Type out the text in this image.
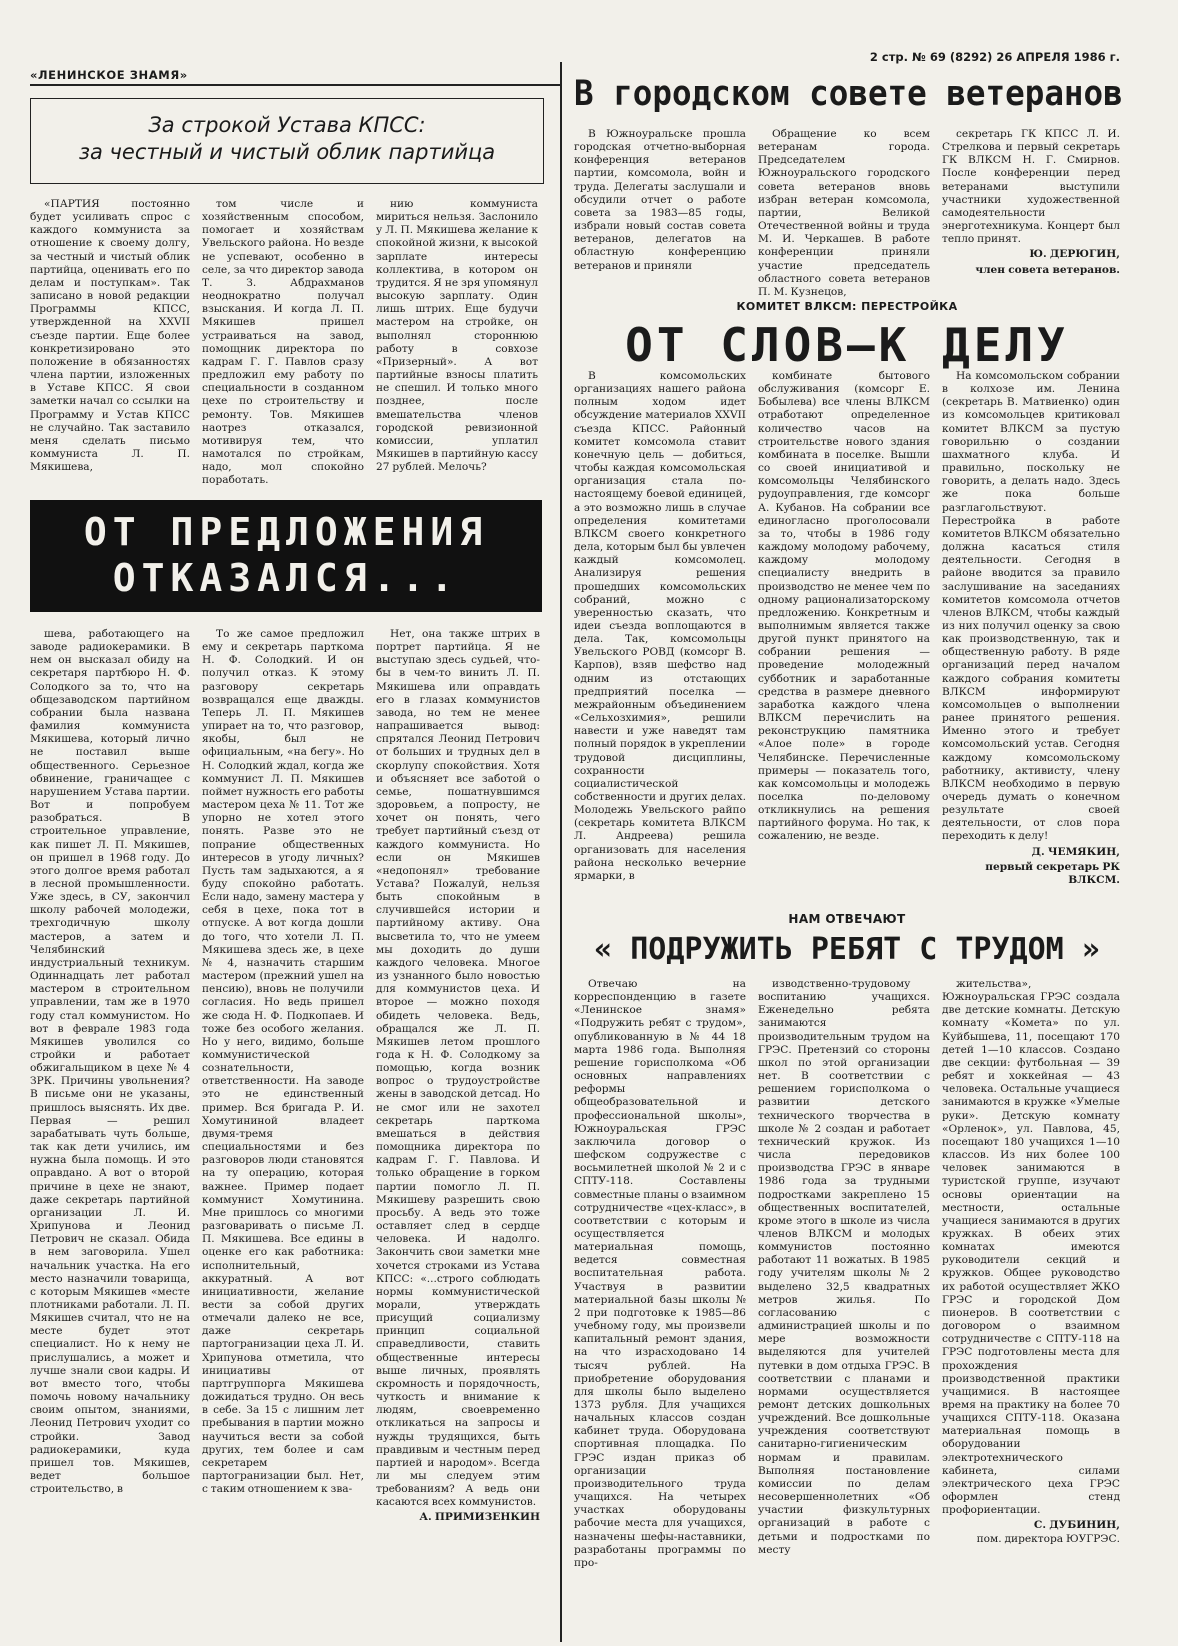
«ЛЕНИНСКОЕ ЗНАМЯ»
2 стр. № 69 (8292) 26 АПРЕЛЯ 1986 г.
За строкой Устава КПСС:
за честный и чистый облик партийца

«ПАРТИЯ постоянно будет усиливать спрос с каждого коммуниста за отношение к своему долгу, за честный и чистый облик партийца, оценивать его по делам и поступкам». Так записано в новой редакции Программы КПСС, утвержденной на XXVII съезде партии. Еще более конкретизировано это положение в обязанностях члена партии, изложенных в Уставе КПСС. Я свои заметки начал со ссылки на Программу и Устав КПСС не случайно. Так заставило меня сделать письмо коммуниста Л. П. Мякишева,

том числе и хозяйственным способом, помогает и хозяйствам Увельского района. Но везде не успевают, особенно в селе, за что директор завода Т. З. Абдрахманов неоднократно получал взыскания. И когда Л. П. Мякишев пришел устраиваться на завод, помощник директора по кадрам Г. Г. Павлов сразу предложил ему работу по специальности в созданном цехе по строительству и ремонту. Тов. Мякишев наотрез отказался, мотивируя тем, что намотался по стройкам, надо, мол спокойно поработать.

нию коммуниста мириться нельзя. Заслонило у Л. П. Мякишева желание к спокойной жизни, к высокой зарплате интересы коллектива, в котором он трудится. Я не зря упомянул высокую зарплату. Один лишь штрих. Еще будучи мастером на стройке, он выполнял стороннюю работу в совхозе «Призерный». А вот партийные взносы платить не спешил. И только много позднее, после вмешательства членов городской ревизионной комиссии, уплатил Мякишев в партийную кассу 27 рублей. Мелочь?

ОТ ПРЕДЛОЖЕНИЯ
ОТКАЗАЛСЯ...

шева, работающего на заводе радиокерамики. В нем он высказал обиду на секретаря партбюро Н. Ф. Солодкого за то, что на общезаводском партийном собрании была названа фамилия коммуниста Мякишева, который лично не поставил выше общественного. Серьезное обвинение, граничащее с нарушением Устава партии. Вот и попробуем разобраться. В строительное управление, как пишет Л. П. Мякишев, он пришел в 1968 году. До этого долгое время работал в лесной промышленности. Уже здесь, в СУ, закончил школу рабочей молодежи, трехгодичную школу мастеров, а затем и Челябинский индустриальный техникум. Одиннадцать лет работал мастером в строительном управлении, там же в 1970 году стал коммунистом. Но вот в феврале 1983 года Мякишев уволился со стройки и работает обжигальщиком в цехе № 4 ЗРК. Причины увольнения? В письме они не указаны, пришлось выяснять. Их две. Первая — решил зарабатывать чуть больше, так как дети учились, им нужна была помощь. И это оправдано. А вот о второй причине в цехе не знают, даже секретарь партийной организации Л. И. Хрипунова и Леонид Петрович не сказал. Обида в нем заговорила. Ушел начальник участка. На его место назначили товарища, с которым Мякишев «месте плотниками работали. Л. П. Мякишев считал, что не на месте будет этот специалист. Но к нему не прислушались, а может и лучше знали свои кадры. И вот вместо того, чтобы помочь новому начальнику своим опытом, знаниями, Леонид Петрович уходит со стройки. Завод радиокерамики, куда пришел тов. Мякишев, ведет большое строительство, в

То же самое предложил ему и секретарь парткома Н. Ф. Солодкий. И он получил отказ. К этому разговору секретарь возвращался еще дважды. Теперь Л. П. Мякишев упирает на то, что разговор, якобы, был не официальным, «на бегу». Но Н. Солодкий ждал, когда же коммунист Л. П. Мякишев поймет нужность его работы мастером цеха № 11. Тот же упорно не хотел этого понять. Разве это не попрание общественных интересов в угоду личных? Пусть там задыхаются, а я буду спокойно работать. Если надо, замену мастера у себя в цехе, пока тот в отпуске. А вот когда дошли до того, что хотели Л. П. Мякишева здесь же, в цехе № 4, назначить старшим мастером (прежний ушел на пенсию), вновь не получили согласия. Но ведь пришел же сюда Н. Ф. Подкопаев. И тоже без особого желания. Но у него, видимо, больше коммунистической сознательности, ответственности. На заводе это не единственный пример. Вся бригада Р. И. Хомутининой владеет двумя-тремя специальностями и без разговоров люди становятся на ту операцию, которая важнее. Пример подает коммунист Хомутинина. Мне пришлось со многими разговаривать о письме Л. П. Мякишева. Все едины в оценке его как работника: исполнительный, аккуратный. А вот инициативности, желание вести за собой других отмечали далеко не все, даже секретарь партогранизации цеха Л. И. Хрипунова отметила, что инициативы от партгруппорга Мякишева дожидаться трудно. Он весь в себе. За 15 с лишним лет пребывания в партии можно научиться вести за собой других, тем более и сам секретарем партогранизации был. Нет, с таким отношением к зва-

Нет, она также штрих в портрет партийца. Я не выступаю здесь судьей, что-бы в чем-то винить Л. П. Мякишева или оправдать его в глазах коммунистов завода, но тем не менее напрашивается вывод: спрятался Леонид Петрович от больших и трудных дел в скорлупу спокойствия. Хотя и объясняет все заботой о семье, пошатнувшимся здоровьем, а попросту, не хочет он понять, чего требует партийный съезд от каждого коммуниста. Но если он Мякишев «недопонял» требование Устава? Пожалуй, нельзя быть спокойным в случившейся истории и партийному активу. Она высветила то, что не умеем мы доходить до души каждого человека. Многое из узнанного было новостью для коммунистов цеха. И второе — можно походя обидеть человека. Ведь, обращался же Л. П. Мякишев летом прошлого года к Н. Ф. Солодкому за помощью, когда возник вопрос о трудоустройстве жены в заводской детсад. Но не смог или не захотел секретарь парткома вмешаться в действия помощника директора по кадрам Г. Г. Павлова. И только обращение в горком партии помогло Л. П. Мякишеву разрешить свою просьбу. А ведь это тоже оставляет след в сердце человека. И надолго. Закончить свои заметки мне хочется строками из Устава КПСС: «...строго соблюдать нормы коммунистической морали, утверждать присущий социализму принцип социальной справедливости, ставить общественные интересы выше личных, проявлять скромность и порядочность, чуткость и внимание к людям, своевременно откликаться на запросы и нужды трудящихся, быть правдивым и честным перед партией и народом». Всегда ли мы следуем этим требованиям? А ведь они касаются всех коммунистов.

А. ПРИМИЗЕНКИН
В городском совете ветеранов

В Южноуральске прошла городская отчетно-выборная конференция ветеранов партии, комсомола, войн и труда. Делегаты заслушали и обсудили отчет о работе совета за 1983—85 годы, избрали новый состав совета ветеранов, делегатов на областную конференцию ветеранов и приняли

Обращение ко всем ветеранам города. Председателем Южноуральского городского совета ветеранов вновь избран ветеран комсомола, партии, Великой Отечественной войны и труда М. И. Черкашев. В работе конференции приняли участие председатель областного совета ветеранов П. М. Кузнецов,

секретарь ГК КПСС Л. И. Стрелкова и первый секретарь ГК ВЛКСМ Н. Г. Смирнов. После конференции перед ветеранами выступили участники художественной самодеятельности энерготехникума. Концерт был тепло принят.

Ю. ДЕРЮГИН,
член совета ветеранов.
КОМИТЕТ ВЛКСМ: ПЕРЕСТРОЙКА
ОТ СЛОВ—К ДЕЛУ

В комсомольских организациях нашего района полным ходом идет обсуждение материалов XXVII съезда КПСС. Районный комитет комсомола ставит конечную цель — добиться, чтобы каждая комсомольская организация стала по-настоящему боевой единицей, а это возможно лишь в случае определения комитетами ВЛКСМ своего конкретного дела, которым был бы увлечен каждый комсомолец. Анализируя решения прошедших комсомольских собраний, можно с уверенностью сказать, что идеи съезда воплощаются в дела. Так, комсомольцы Увельского РОВД (комсорг В. Карпов), взяв шефство над одним из отстающих предприятий поселка — межрайонным объединением «Сельхозхимия», решили навести и уже наведят там полный порядок в укреплении трудовой дисциплины, сохранности социалистической собственности и других делах. Молодежь Увельского райпо (секретарь комитета ВЛКСМ Л. Андреева) решила организовать для населения района несколько вечерние ярмарки, в

комбинате бытового обслуживания (комсорг Е. Бобылева) все члены ВЛКСМ отработают определенное количество часов на строительстве нового здания комбината в поселке. Вышли со своей инициативой и комсомольцы Челябинского рудоуправления, где комсорг А. Кубанов. На собрании все единогласно проголосовали за то, чтобы в 1986 году каждому молодому рабочему, каждому молодому специалисту внедрить в производство не менее чем по одному рационализаторскому предложению. Конкретным и выполнимым является также другой пункт принятого на собрании решения — проведение молодежный субботник и заработанные средства в размере дневного заработка каждого члена ВЛКСМ перечислить на реконструкцию памятника «Алое поле» в городе Челябинске. Перечисленные примеры — показатель того, как комсомольцы и молодежь поселка по-деловому откликнулись на решения партийного форума. Но так, к сожалению, не везде.

На комсомольском собрании в колхозе им. Ленина (секретарь В. Матвиенко) один из комсомольцев критиковал комитет ВЛКСМ за пустую говорильню о создании шахматного клуба. И правильно, поскольку не говорить, а делать надо. Здесь же пока больше разглагольствуют. Перестройка в работе комитетов ВЛКСМ обязательно должна касаться стиля деятельности. Сегодня в районе вводится за правило заслушивание на заседаниях комитетов комсомола отчетов членов ВЛКСМ, чтобы каждый из них получил оценку за свою как производственную, так и общественную работу. В ряде организаций перед началом каждого собрания комитеты ВЛКСМ информируют комсомольцев о выполнении ранее принятого решения. Именно этого и требует комсомольский устав. Сегодня каждому комсомольскому работнику, активисту, члену ВЛКСМ необходимо в первую очередь думать о конечном результате своей деятельности, от слов пора переходить к делу!

Д. ЧЕМЯКИН,
первый секретарь РК ВЛКСМ.
НАМ ОТВЕЧАЮТ
« ПОДРУЖИТЬ РЕБЯТ С ТРУДОМ »

Отвечаю на корреспонденцию в газете «Ленинское знамя» «Подружить ребят с трудом», опубликованную в № 44 18 марта 1986 года. Выполняя решение горисполкома «Об основных направлениях реформы общеобразовательной и профессиональной школы», Южноуральская ГРЭС заключила договор о шефском содружестве с восьмилетней школой № 2 и с СПТУ-118. Составлены совместные планы о взаимном сотрудничестве «цех-класс», в соответствии с которым и осуществляется материальная помощь, ведется совместная воспитательная работа. Участвуя в развитии материальной базы школы № 2 при подготовке к 1985—86 учебному году, мы произвели капитальный ремонт здания, на что израсходовано 14 тысяч рублей. На приобретение оборудования для школы было выделено 1373 рубля. Для учащихся начальных классов создан кабинет труда. Оборудована спортивная площадка. По ГРЭС издан приказ об организации производительного труда учащихся. На четырех участках оборудованы рабочие места для учащихся, назначены шефы-наставники, разработаны программы по про-

изводственно-трудовому воспитанию учащихся. Еженедельно ребята занимаются производительным трудом на ГРЭС. Претензий со стороны школ по этой организации нет. В соответствии с решением горисполкома о развитии детского технического творчества в школе № 2 создан и работает технический кружок. Из числа передовиков производства ГРЭС в январе 1986 года за трудными подростками закреплено 15 общественных воспитателей, кроме этого в школе из числа членов ВЛКСМ и молодых коммунистов постоянно работают 11 вожатых. В 1985 году учителям школы № 2 выделено 32,5 квадратных метров жилья. По согласованию с администрацией школы и по мере возможности выделяются для учителей путевки в дом отдыха ГРЭС. В соответствии с планами и нормами осуществляется ремонт детских дошкольных учреждений. Все дошкольные учреждения соответствуют санитарно-гигиеническим нормам и правилам. Выполняя постановление комиссии по делам несовершеннолетних «Об участии физкультурных организаций в работе с детьми и подростками по месту

жительства», Южноуральская ГРЭС создала две детские комнаты. Детскую комнату «Комета» по ул. Куйбышева, 11, посещают 170 детей 1—10 классов. Создано две секции: футбольная — 39 ребят и хоккейная — 43 человека. Остальные учащиеся занимаются в кружке «Умелые руки». Детскую комнату «Орленок», ул. Павлова, 45, посещают 180 учащихся 1—10 классов. Из них более 100 человек занимаются в туристской группе, изучают основы ориентации на местности, остальные учащиеся занимаются в других кружках. В обеих этих комнатах имеются руководители секций и кружков. Общее руководство их работой осуществляет ЖКО ГРЭС и городской Дом пионеров. В соответствии с договором о взаимном сотрудничестве с СПТУ-118 на ГРЭС подготовлены места для прохождения производственной практики учащимися. В настоящее время на практику на более 70 учащихся СПТУ-118. Оказана материальная помощь в оборудовании электротехнического кабинета, силами электрического цеха ГРЭС оформлен стенд профориентации.

С. ДУБИНИН,
пом. директора ЮУГРЭС.
